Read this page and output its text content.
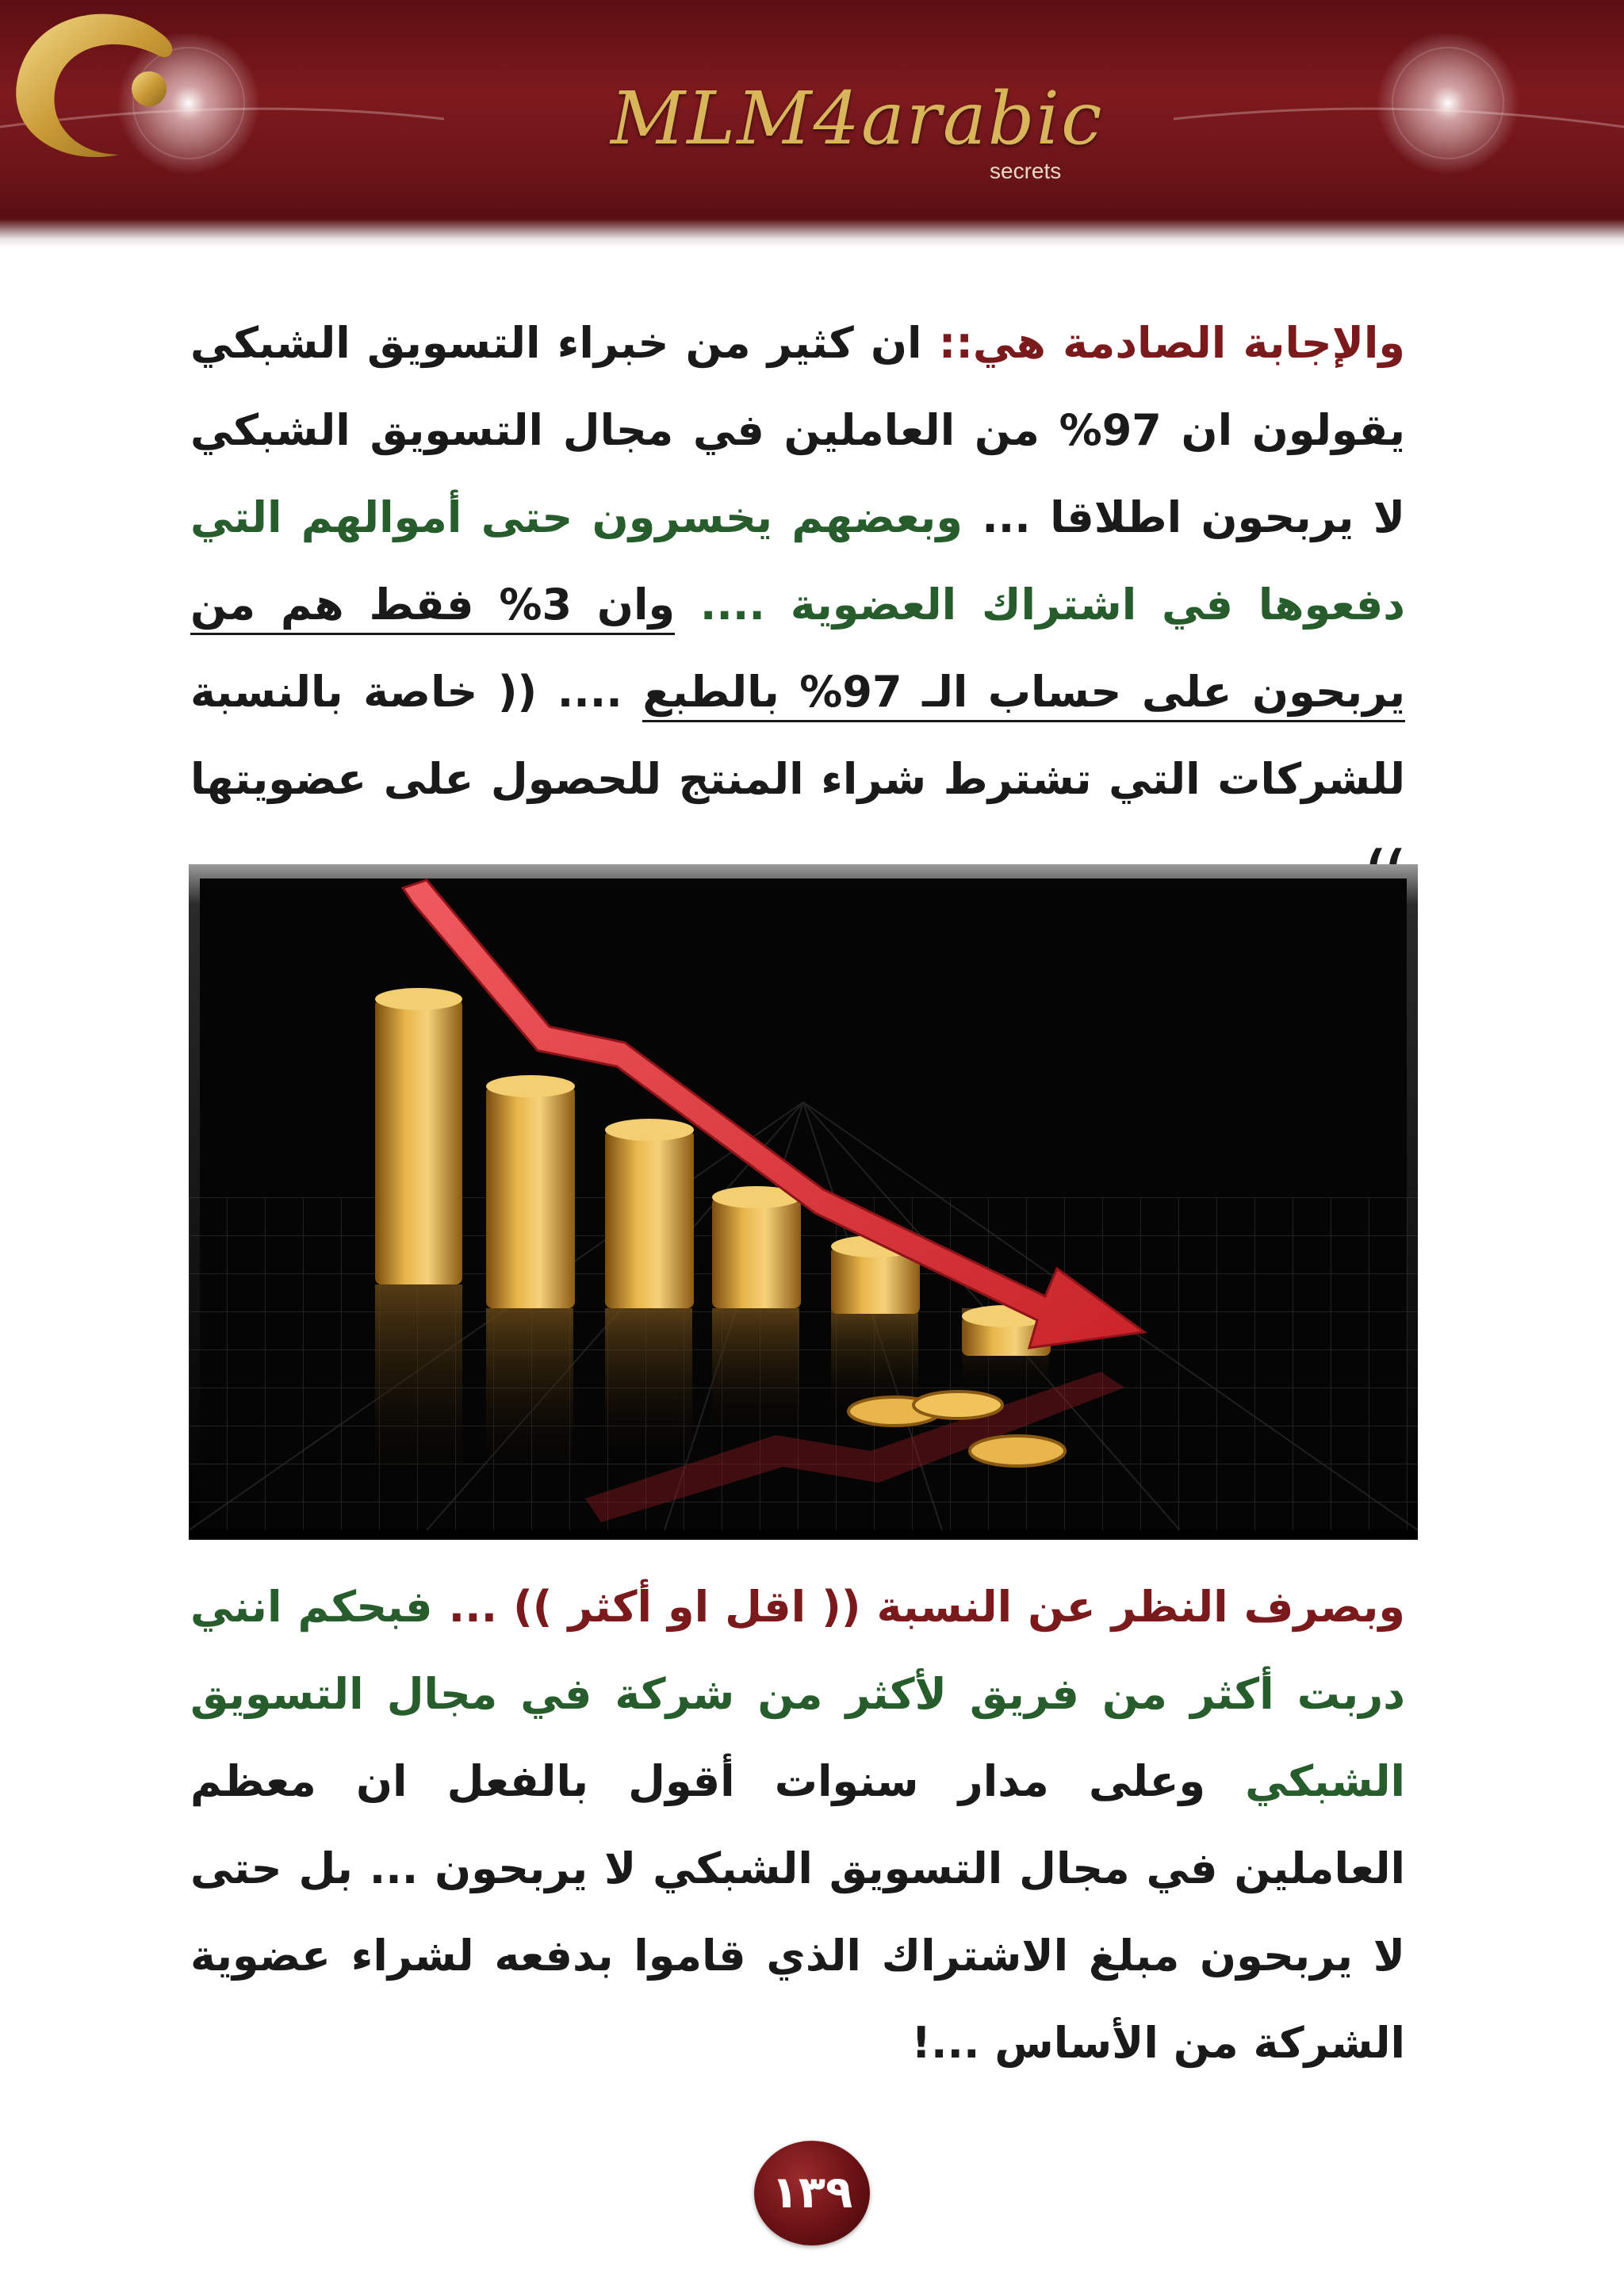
MLM4arabic
secrets
والإجابة الصادمة هي:: ان كثير من خبراء التسويق الشبكي يقولون ان 97% من العاملين في مجال التسويق الشبكي لا يربحون اطلاقا ... وبعضهم يخسرون حتى أموالهم التي دفعوها في اشتراك العضوية .... وان 3% فقط هم من يربحون على حساب الـ 97% بالطبع .... (( خاصة بالنسبة للشركات التي تشترط شراء المنتج للحصول على عضويتها
وبصرف النظر عن النسبة (( اقل او أكثر )) ... فبحكم انني دربت أكثر من فريق لأكثر من شركة في مجال التسويق الشبكي وعلى مدار سنوات أقول بالفعل ان معظم العاملين في مجال التسويق الشبكي لا يربحون ... بل حتى لا يربحون مبلغ الاشتراك الذي قاموا بدفعه لشراء عضوية الشركة من الأساس ...!
١٣٩
